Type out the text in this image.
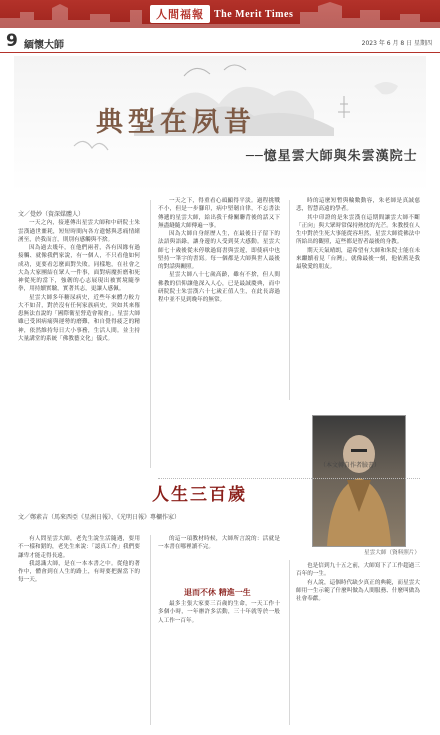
人間福報	The Merit Times
9 緬懷大師	2023 年 6 月 8 日 星期四
典型在夙昔
──憶星雲大師與朱雲漢院士

文／覺妙（資深媒體人）

一天之內，接連傳出星雲大師和中研院士朱雲漢過世噩耗，短短時間內各方遺憾與悲痛情緒湧至，於我而言，則別有感觸與不捨。

因為過去幾年，在他們兩者，各有因緣有過接觸、就像我們家說，有一個人，不只看他如何成功，更要看怎麼面對失敗。同樣地，在社會之大為大家團結在眾人一件事，面對病魔折磨和死神從死的當下，強韌的心志展現出被實境隨拳拳，用持續實驗，實著其志，更讓人感佩。

星雲大師多年糖尿病史，近些年來體力較力大不如昔，對於沒有任何家族病史，突如其來罹患無法直說的「國際衛星營造會報會」。星雲大師雖已受困病痛與運勢的磨難，和自覺得疲乏的精神，依然維持每日大小事務，生活人間。並主持大量講堂的系統「佛教藝文化」儀式。

一天之下，得重看心頭顯得平淡。過程挑戰不小，但是一步腳印，病中堅韌自律，不忘書法傳遞的星雲大師，給出我千條關聯背後的話又下無盡縫隨大師傳遍一事。

因為大師自身經歷人生，在最後日子留下的法語與語錄，讓身邊的人受到莫大感動。星雲大師七十歲後從未停歇過寫書與雲遊，即使病中也堅持一筆字的書寫。每一個都是大師與世人最後的對話與關照。

星雲大師八十七歲高齡，雖有不捨，但人間佛教的信仰讓他深入人心，已是最誠慶典，而中研院院士朱雲漢六十七歲正值人生，在此長壽過程中並不見到晚年的無常。

時的這麼短暫與輪數動容，朱老師是真誠慈悲，智慧高遠的學者。

其中印證的是朱雲漢在這期間讓雲大師不斷「正向」與大眾時常保持熱忱的光芒。朱教授在人生中對於生死大事能從容坦然，星雲大師從佛法中所給出的觀照，這些都是智者最後的身教。

期天天氣晴朗，還希望有大師和朱院士能在未來繼續看見「台灣」，就像最後一刻，他依舊是我最敬愛的朋友。

星雲大師（資料照片）
（本文轉自作者臉書）
人生三百歲
文／鄭素吉（馬來西亞《星洲日報》、《光明日報》專欄作家）

有人問星雲大師，老先生說生活隨遇，要用不一樣和錯的，老先生來說：「認真工作」我們要謙卑才能走得長遠。

我認識大師，是在一本本書之中。從他的著作中，體會到在人生的路上，有時要把握當下的每一天。

的這一項教材時候，大師所言說的：活就是一本書在哪裡讀不完。

退而不休 精進一生

最多主張大家要三百歲的生命，一天工作十多個小時，一年辦許多活動，三十年就等於一般人工作一百年。

也是信到九十五之前，大師寫下了工作超過三百年的一生。

有人說，這個時代缺少真正的典範，而星雲大師用一生示範了什麼叫做為人間服務、什麼叫做為社會奉獻。
